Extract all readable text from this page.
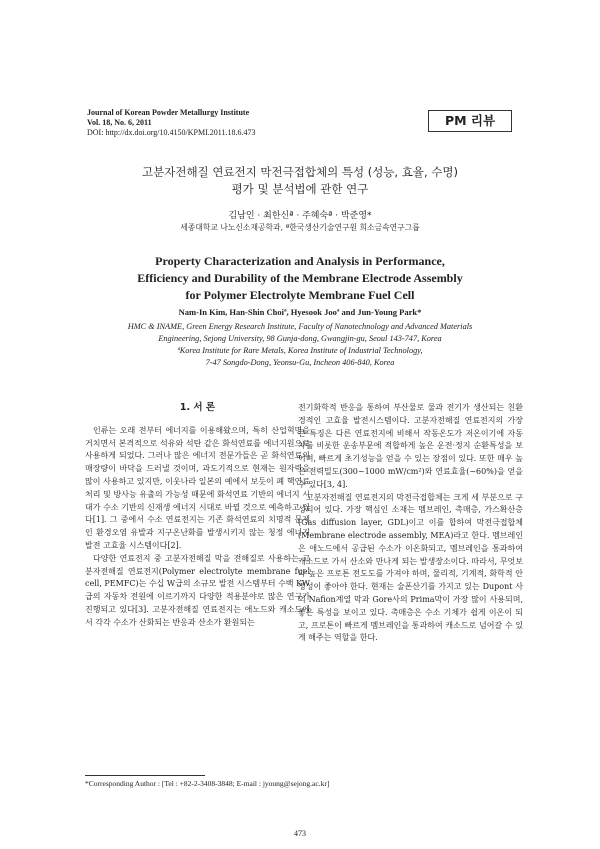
Journal of Korean Powder Metallurgy Institute
Vol. 18, No. 6, 2011
DOI: http://dx.doi.org/10.4150/KPMI.2011.18.6.473
PM 리뷰
고분자전해질 연료전지 막전극접합체의 특성 (성능, 효율, 수명)
평가 및 분석법에 관한 연구
김남인 · 최한신ª · 주혜숙ª · 박준영*
세종대학교 나노신소재공학과, ª한국생산기술연구원 희소금속연구그룹
Property Characterization and Analysis in Performance,
Efficiency and Durability of the Membrane Electrode Assembly
for Polymer Electrolyte Membrane Fuel Cell
Nam-In Kim, Han-Shin Choiª, Hyesook Jooª and Jun-Young Park*
HMC & INAME, Green Energy Research Institute, Faculty of Nanotechnology and Advanced Materials
Engineering, Sejong University, 98 Gunja-dong, Gwangjin-gu, Seoul 143-747, Korea
ªKorea Institute for Rare Metals, Korea Institute of Industrial Technology,
7-47 Songdo-Dong, Yeonsu-Gu, Incheon 406-840, Korea

1. 서 론

인류는 오래 전부터 에너지를 이용해왔으며, 특히 산업혁명을 거치면서 본격적으로 석유와 석탄 같은 화석연료를 에너지원으로 사용하게 되었다. 그러나 많은 에너지 전문가들은 곧 화석연료의 매장량이 바닥을 드러낼 것이며, 과도기적으로 현재는 원자력을 많이 사용하고 있지만, 이웃나라 일본의 예에서 보듯이 폐 핵연료 처리 및 방사능 유출의 가능성 때문에 화석연료 기반의 에너지 시대가 수소 기반의 신재생 에너지 시대로 바뀔 것으로 예측하고 있다[1]. 그 중에서 수소 연료전지는 기존 화석연료의 치명적 문제인 환경오염 유발과 지구온난화를 발생시키지 않는 청정 에너지 발전 고효율 시스템이다[2].

다양한 연료전지 중 고분자전해질 막을 전해질로 사용하는 고분자전해질 연료전지(Polymer electrolyte membrane fuel cell, PEMFC)는 수십 W급의 소규모 발전 시스템부터 수백 KW급의 자동차 전원에 이르기까지 다양한 적용분야로 많은 연구가 진행되고 있다[3]. 고분자전해질 연료전지는 애노드와 캐소드에서 각각 수소가 산화되는 반응과 산소가 환원되는

전기화학적 반응을 통하여 부산물로 물과 전기가 생산되는 친환경적인 고효율 발전시스템이다. 고분자전해질 연료전지의 가장 큰 특징은 다른 연료전지에 비해서 작동온도가 저온이기에 자동차를 비롯한 운송부문에 적합하게 높은 운전·정지 순환특성을 보이며, 빠르게 초기성능을 얻을 수 있는 장점이 있다. 또한 매우 높은 전력밀도(300~1000 mW/cm²)와 연료효율(~60%)을 얻을 수 있다[3, 4].

고분자전해질 연료전지의 막전극접합체는 크게 세 부분으로 구성되어 있다. 가장 핵심인 소재는 멤브레인, 촉매층, 가스확산층(Gas diffusion layer, GDL)이고 이를 합하여 막전극접합체(Membrane electrode assembly, MEA)라고 한다. 멤브레인은 애노드에서 공급된 수소가 이온화되고, 멤브레인을 통과하여 캐소드로 가서 산소와 만나게 되는 발생장소이다. 따라서, 무엇보다 높은 프로톤 전도도를 가져야 하며, 물리적, 기계적, 화학적 안정성이 좋아야 한다. 현재는 술폰산기를 가지고 있는 Dupont 사의 Nafion계열 막과 Gore사의 Prima막이 가장 많이 사용되며, 좋은 특성을 보이고 있다. 촉매층은 수소 기체가 쉽게 이온이 되고, 프로톤이 빠르게 멤브레인을 통과하여 캐소드로 넘어갈 수 있게 해주는 역할을 한다.

*Corresponding Author : [Tel : +82-2-3408-3848; E-mail : jyoung@sejong.ac.kr]
473
